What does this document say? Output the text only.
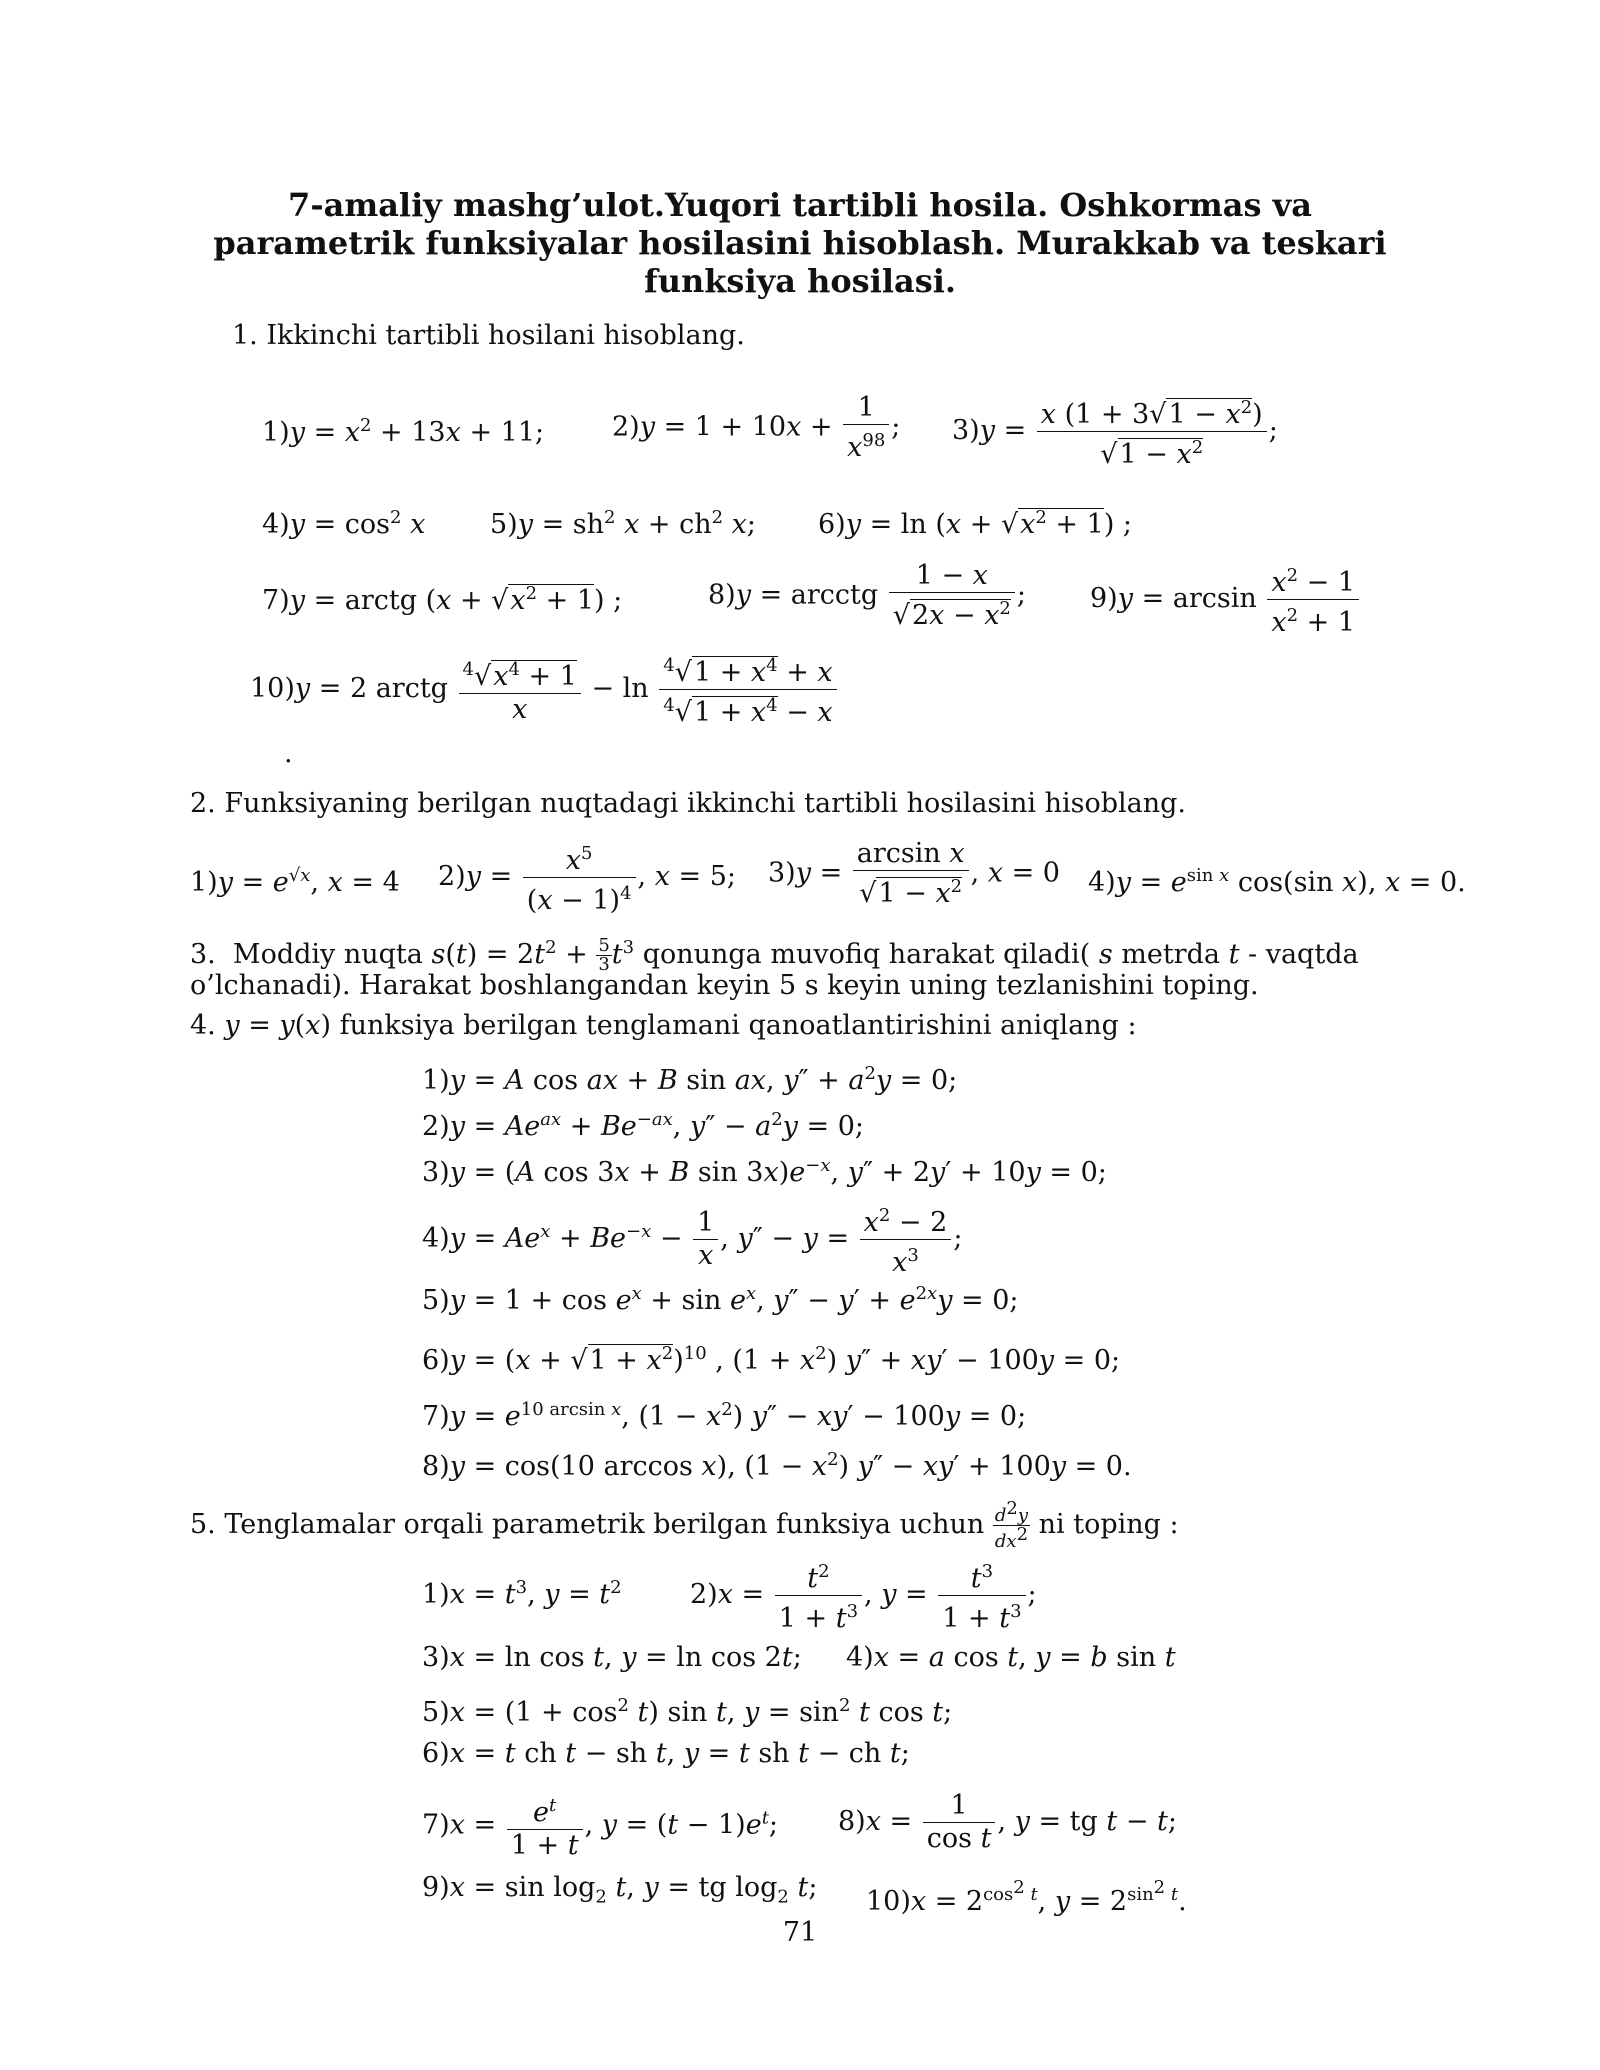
7-amaliy mashg’ulot.Yuqori tartibli hosila. Oshkormas va
parametrik funksiyalar hosilasini hisoblash. Murakkab va teskari
funksiya hosilasi.
1. Ikkinchi tartibli hosilani hisoblang.
$1)y = x^2 + 13x + 11$;	$2)y = 1 + 10x + \frac{1}{x^{98}}$ ; $3)y = \frac{x (1 + 3√1 - x^2)}{√1 - x^2}$ ;
$4)y = \cos^2 x$ $5)y = sh^2$ $x + ch^2$ x; $6)y = \ln (x + √x^2 + 1)$ ;
7)y = arctg $(x + √x^2 + 1)$ ;	8)y = arcctg $\frac{1 - x}{√2x - x^2}$ ; $9)y = \arcsin \frac{x^2 - 1}{x^2 + 1}$
10)y = 2 arctg $\frac{^4√x^4 + 1}{x} - \ln \frac{^4√1 + x^4 + x}{^4√1 + x^4 - x}$
.
2. Funksiyaning berilgan nuqtadagi ikkinchi tartibli hosilasini hisoblang.
$1)y = e^{√x}$, x = 4 $2)y = \frac{x^5}{(x - 1)^4}$ , x = 5; $3)y = \frac{\text{arcsin x}}{√1 - x^2}$ , x = 0 $4)y = e^{sin x}$ cos(sin x), x = 0.
3.  Moddiy nuqta $s(t) = 2t^2 + \frac{5}{3} t^3$ qonunga muvofiq harakat qiladi( s metrda t - vaqtda
o’lchanadi). Harakat boshlangandan keyin 5 s keyin uning tezlanishini toping.
4. y = y(x) funksiya berilgan tenglamani qanoatlantirishini aniqlang :
1)y = A cos ax + B sin ax, $y'' + a^2y = 0$;
$2)y = Ae^{ax} + Be^{-ax}$, $y'' - a^2y = 0$;
3)y = (A cos 3x + B $\sin 3x)e^{-x}$, y″ + 2y′ + 10y = 0;
$4)y = Ae^x + Be^{-x} - \frac{1}{x}$ , $y'' - y = \frac{x^2 - 2}{x^3}$ ;
$5)y = 1 + \cos e^x + \sin e^x$, $y'' - y' + e^{2x}y = 0$;
$6)y = (x + √1 + x^2)^{10}$ , $(1 + x^2)$ y″ + xy′ − 100y = 0;
$7)y = e^{10 arcsin x}$, $(1 - x^2)$ y″ − xy′ − 100y = 0;
8)y = cos(10 arccos x), $(1 - x^2)$ y″ − xy′ + 100y = 0.
5. Tenglamalar orqali parametrik berilgan funksiya uchun $\frac{d^2y}{dx^2}$ ni toping :
$1)x = t^3$, $y = t^2$	$2)x = \frac{t^2}{1 + t^3}$ , $y = \frac{t^3}{1 + t^3}$ ;
3)x = ln cos t, y = ln cos 2t; 4)x = a cos t, y = b sin t
$5)x = (1 + \cos^2 t)$ sin t, $y = \sin^2 t$ cos t;
6)x = t ch t − sh t, y = t sh t − ch t;
$7)x = \frac{e^t}{1 + t}$ , $y = (t - 1)e^t$; $8)x = \frac{1}{\text{cos t}}$ , y = tg t − t;
$9)x = \sin \log_2 t$, y = tg $\log_2 t$; $10)x = 2^{cos^2 t}$, $y = 2^{sin^2 t}$.
71
